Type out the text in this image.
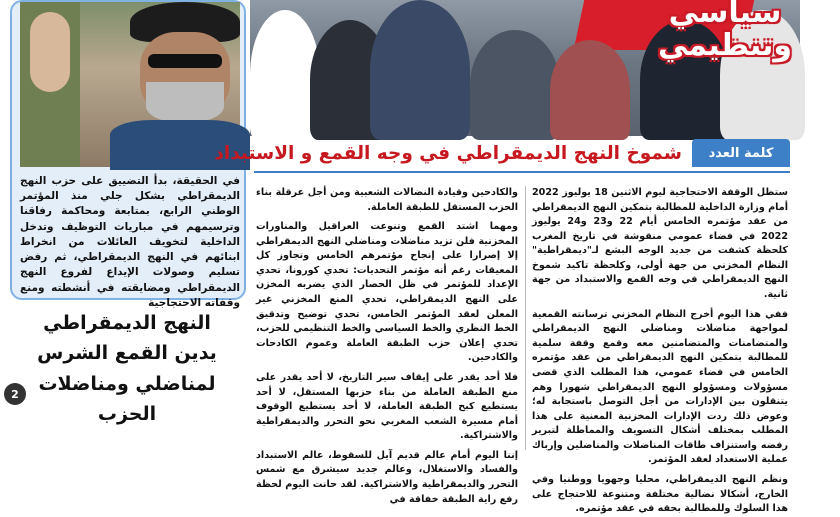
سياسي وتنظيمي
في الحقيقة، بدأ التضييق على حزب النهج الديمقراطي بشكل جلي منذ المؤتمر الوطني الرابع، بمتابعة ومحاكمة رفاقنا وترسيمهم في مباريات التوظيف وتدخل الداخلية لتخويف العائلات من انخراط ابنائهم في النهج الديمقراطي، ثم رفض تسليم وصولات الإيداع لفروع النهج الديمقراطي ومضايقته في أنشطته ومنع وقفاته الاحتجاجية
النهج الديمقراطي يدين القمع الشرس لمناضلي ومناضلات الحزب
2
كلمة العدد
شموخ النهج الديمقراطي في وجه القمع و الاستبداد

ستظل الوقفة الاحتجاجية ليوم الاثنين 18 يوليوز 2022 أمام وزارة الداخلية للمطالبة بتمكين النهج الديمقراطي من عقد مؤتمره الخامس أيام 22 و23 و24 يوليوز 2022 في فضاء عمومي منقوشة في تاريخ المغرب كلحظة كشفت من جديد الوجه البشع لـ"ديمقراطية" النظام المخزني من جهة أولى، وكلحظة تاكيد شموخ النهج الديمقراطي في وجه القمع والاستبداد من جهة ثانية.

ففي هذا اليوم أخرج النظام المخزني ترسانته القمعية لمواجهة مناضلات ومناضلي النهج الديمقراطي والمتضامنات والمتضامنين معه وقمع وقفة سلمية للمطالبة بتمكين النهج الديمقراطي من عقد مؤتمره الخامس في فضاء عمومي، هذا المطلب الذي قضى مسؤولات ومسؤولو النهج الديمقراطي شهورا وهم يتنقلون بين الإدارات من أجل التوصل باستجابة له؛ وعوض ذلك ردت الإدارات المخزنية المعنية على هذا المطلب بمختلف أشكال التسويف والمماطلة لتبرير رفضه واستنزاف طاقات المناضلات والمناضلين وإرباك عملية الاستعداد لعقد المؤتمر.

ونظم النهج الديمقراطي، محليا وجهويا ووطنيا وفي الخارج، أشكالا نضالية مختلفة ومتنوعة للاحتجاج على هذا السلوك وللمطالبة بحقه في عقد مؤتمره.

والكادحين وقيادة النضالات الشعبية ومن أجل عرقلة بناء الحزب المستقل للطبقة العاملة.

ومهما اشتد القمع وتنوعت العراقيل والمناورات المخزنية فلن تزيد مناضلات ومناضلي النهج الديمقراطي إلا إصرارا على إنجاح مؤتمرهم الخامس وتجاوز كل المعيقات رغم أنه مؤتمر التحديات: تحدي كورونا، تحدي الإعداد للمؤتمر في ظل الحصار الذي يضربه المخزن على النهج الديمقراطي، تحدي المنع المخزني غير المعلن لعقد المؤتمر الخامس، تحدي توضيح وتدقيق الخط النظري والخط السياسي والخط التنظيمي للحزب، تحدي إعلان حزب الطبقة العاملة وعموم الكادحات والكادحين.

فلا أحد يقدر على إيقاف سير التاريخ، لا أحد يقدر على منع الطبقة العاملة من بناء حزبها المستقل، لا أحد يستطيع كبح الطبقة العاملة، لا أحد يستطيع الوقوف أمام مسيرة الشعب المغربي نحو التحرر والديمقراطية والاشتراكية.

إننا اليوم أمام عالم قديم آيل للسقوط، عالم الاستبداد والفساد والاستغلال، وعالم جديد سيشرق مع شمس التحرر والديمقراطية والاشتراكية. لقد حانت اليوم لحظة رفع راية الطبقة خفاقة في
